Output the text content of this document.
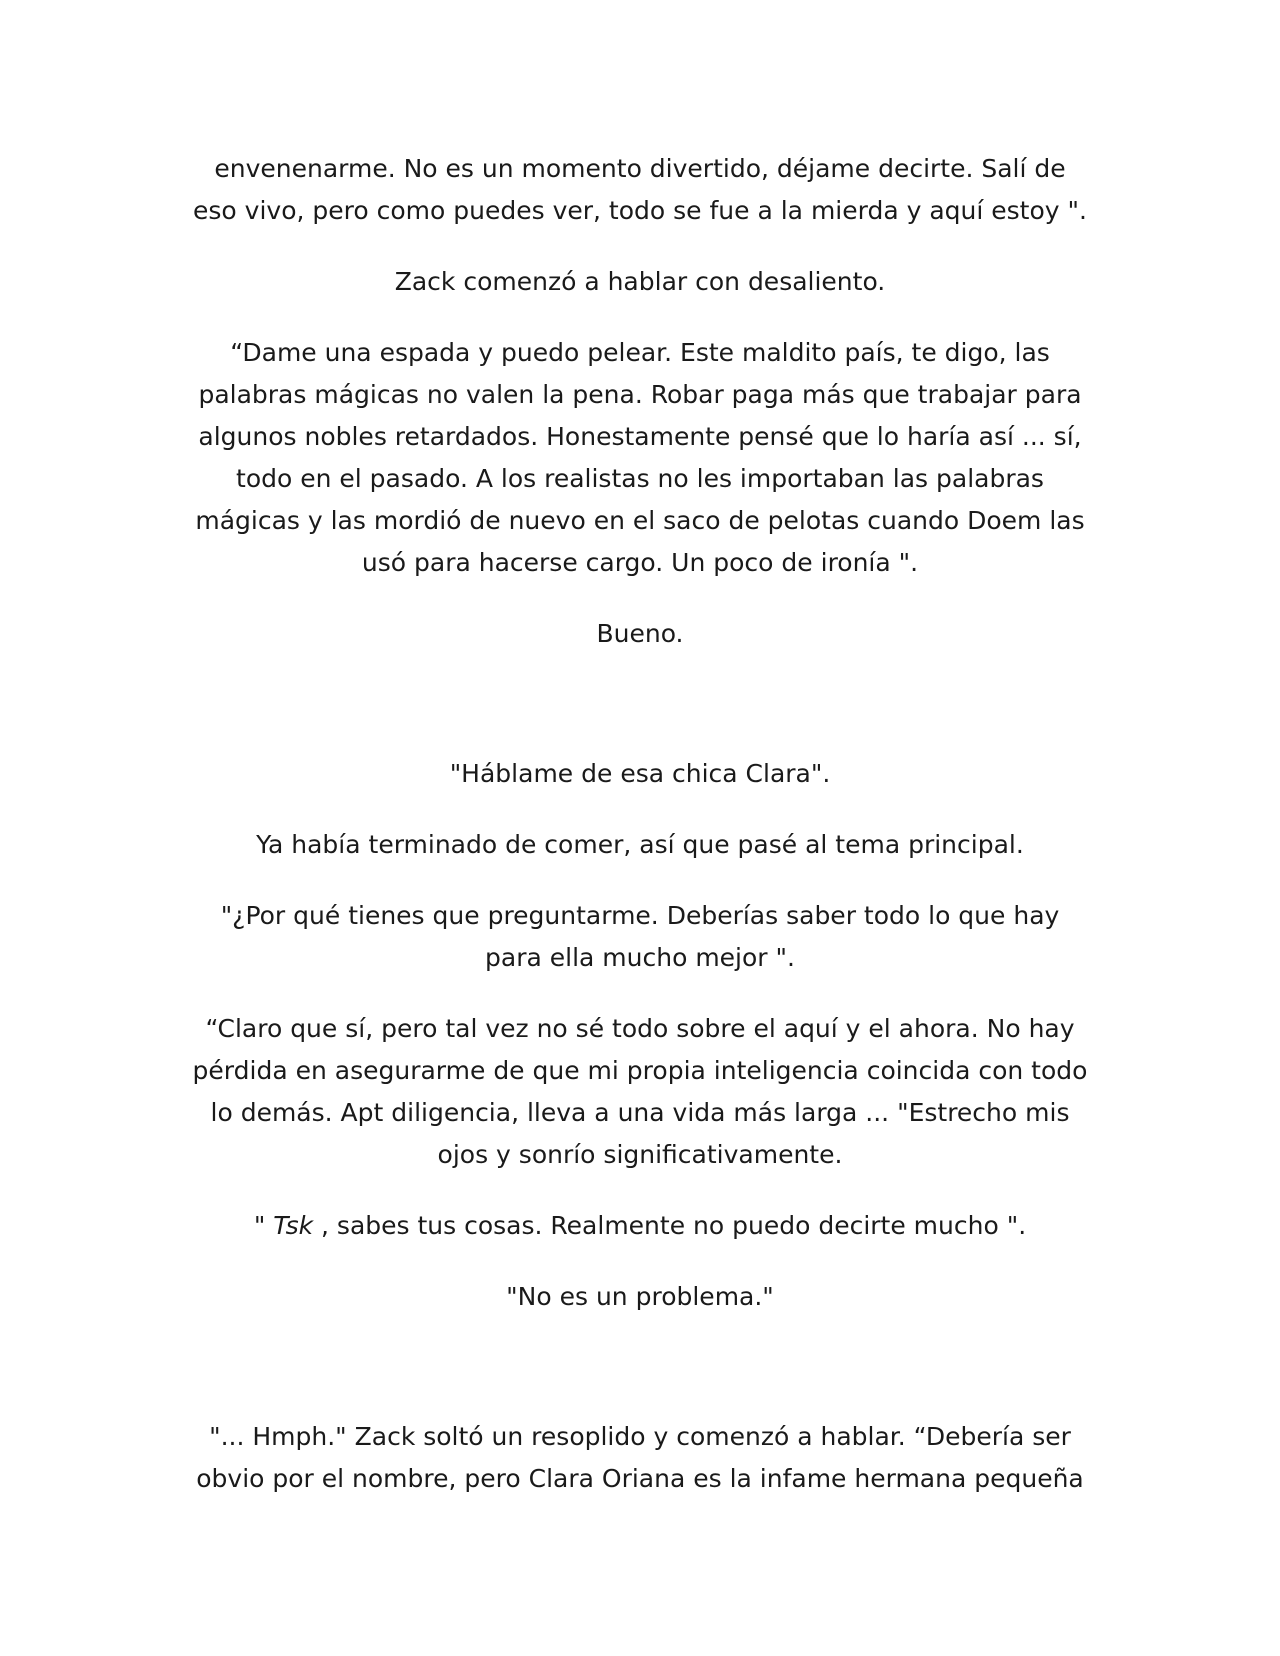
envenenarme. No es un momento divertido, déjame decirte. Salí de
eso vivo, pero como puedes ver, todo se fue a la mierda y aquí estoy ".

Zack comenzó a hablar con desaliento.

“Dame una espada y puedo pelear. Este maldito país, te digo, las
palabras mágicas no valen la pena. Robar paga más que trabajar para
algunos nobles retardados. Honestamente pensé que lo haría así ... sí,
todo en el pasado. A los realistas no les importaban las palabras
mágicas y las mordió de nuevo en el saco de pelotas cuando Doem las
usó para hacerse cargo. Un poco de ironía ".

Bueno.

"Háblame de esa chica Clara".

Ya había terminado de comer, así que pasé al tema principal.

"¿Por qué tienes que preguntarme. Deberías saber todo lo que hay
para ella mucho mejor ".

“Claro que sí, pero tal vez no sé todo sobre el aquí y el ahora. No hay
pérdida en asegurarme de que mi propia inteligencia coincida con todo
lo demás. Apt diligencia, lleva a una vida más larga ... "Estrecho mis
ojos y sonrío significativamente.

" Tsk , sabes tus cosas. Realmente no puedo decirte mucho ".

"No es un problema."

"... Hmph." Zack soltó un resoplido y comenzó a hablar. “Debería ser
obvio por el nombre, pero Clara Oriana es la infame hermana pequeña
